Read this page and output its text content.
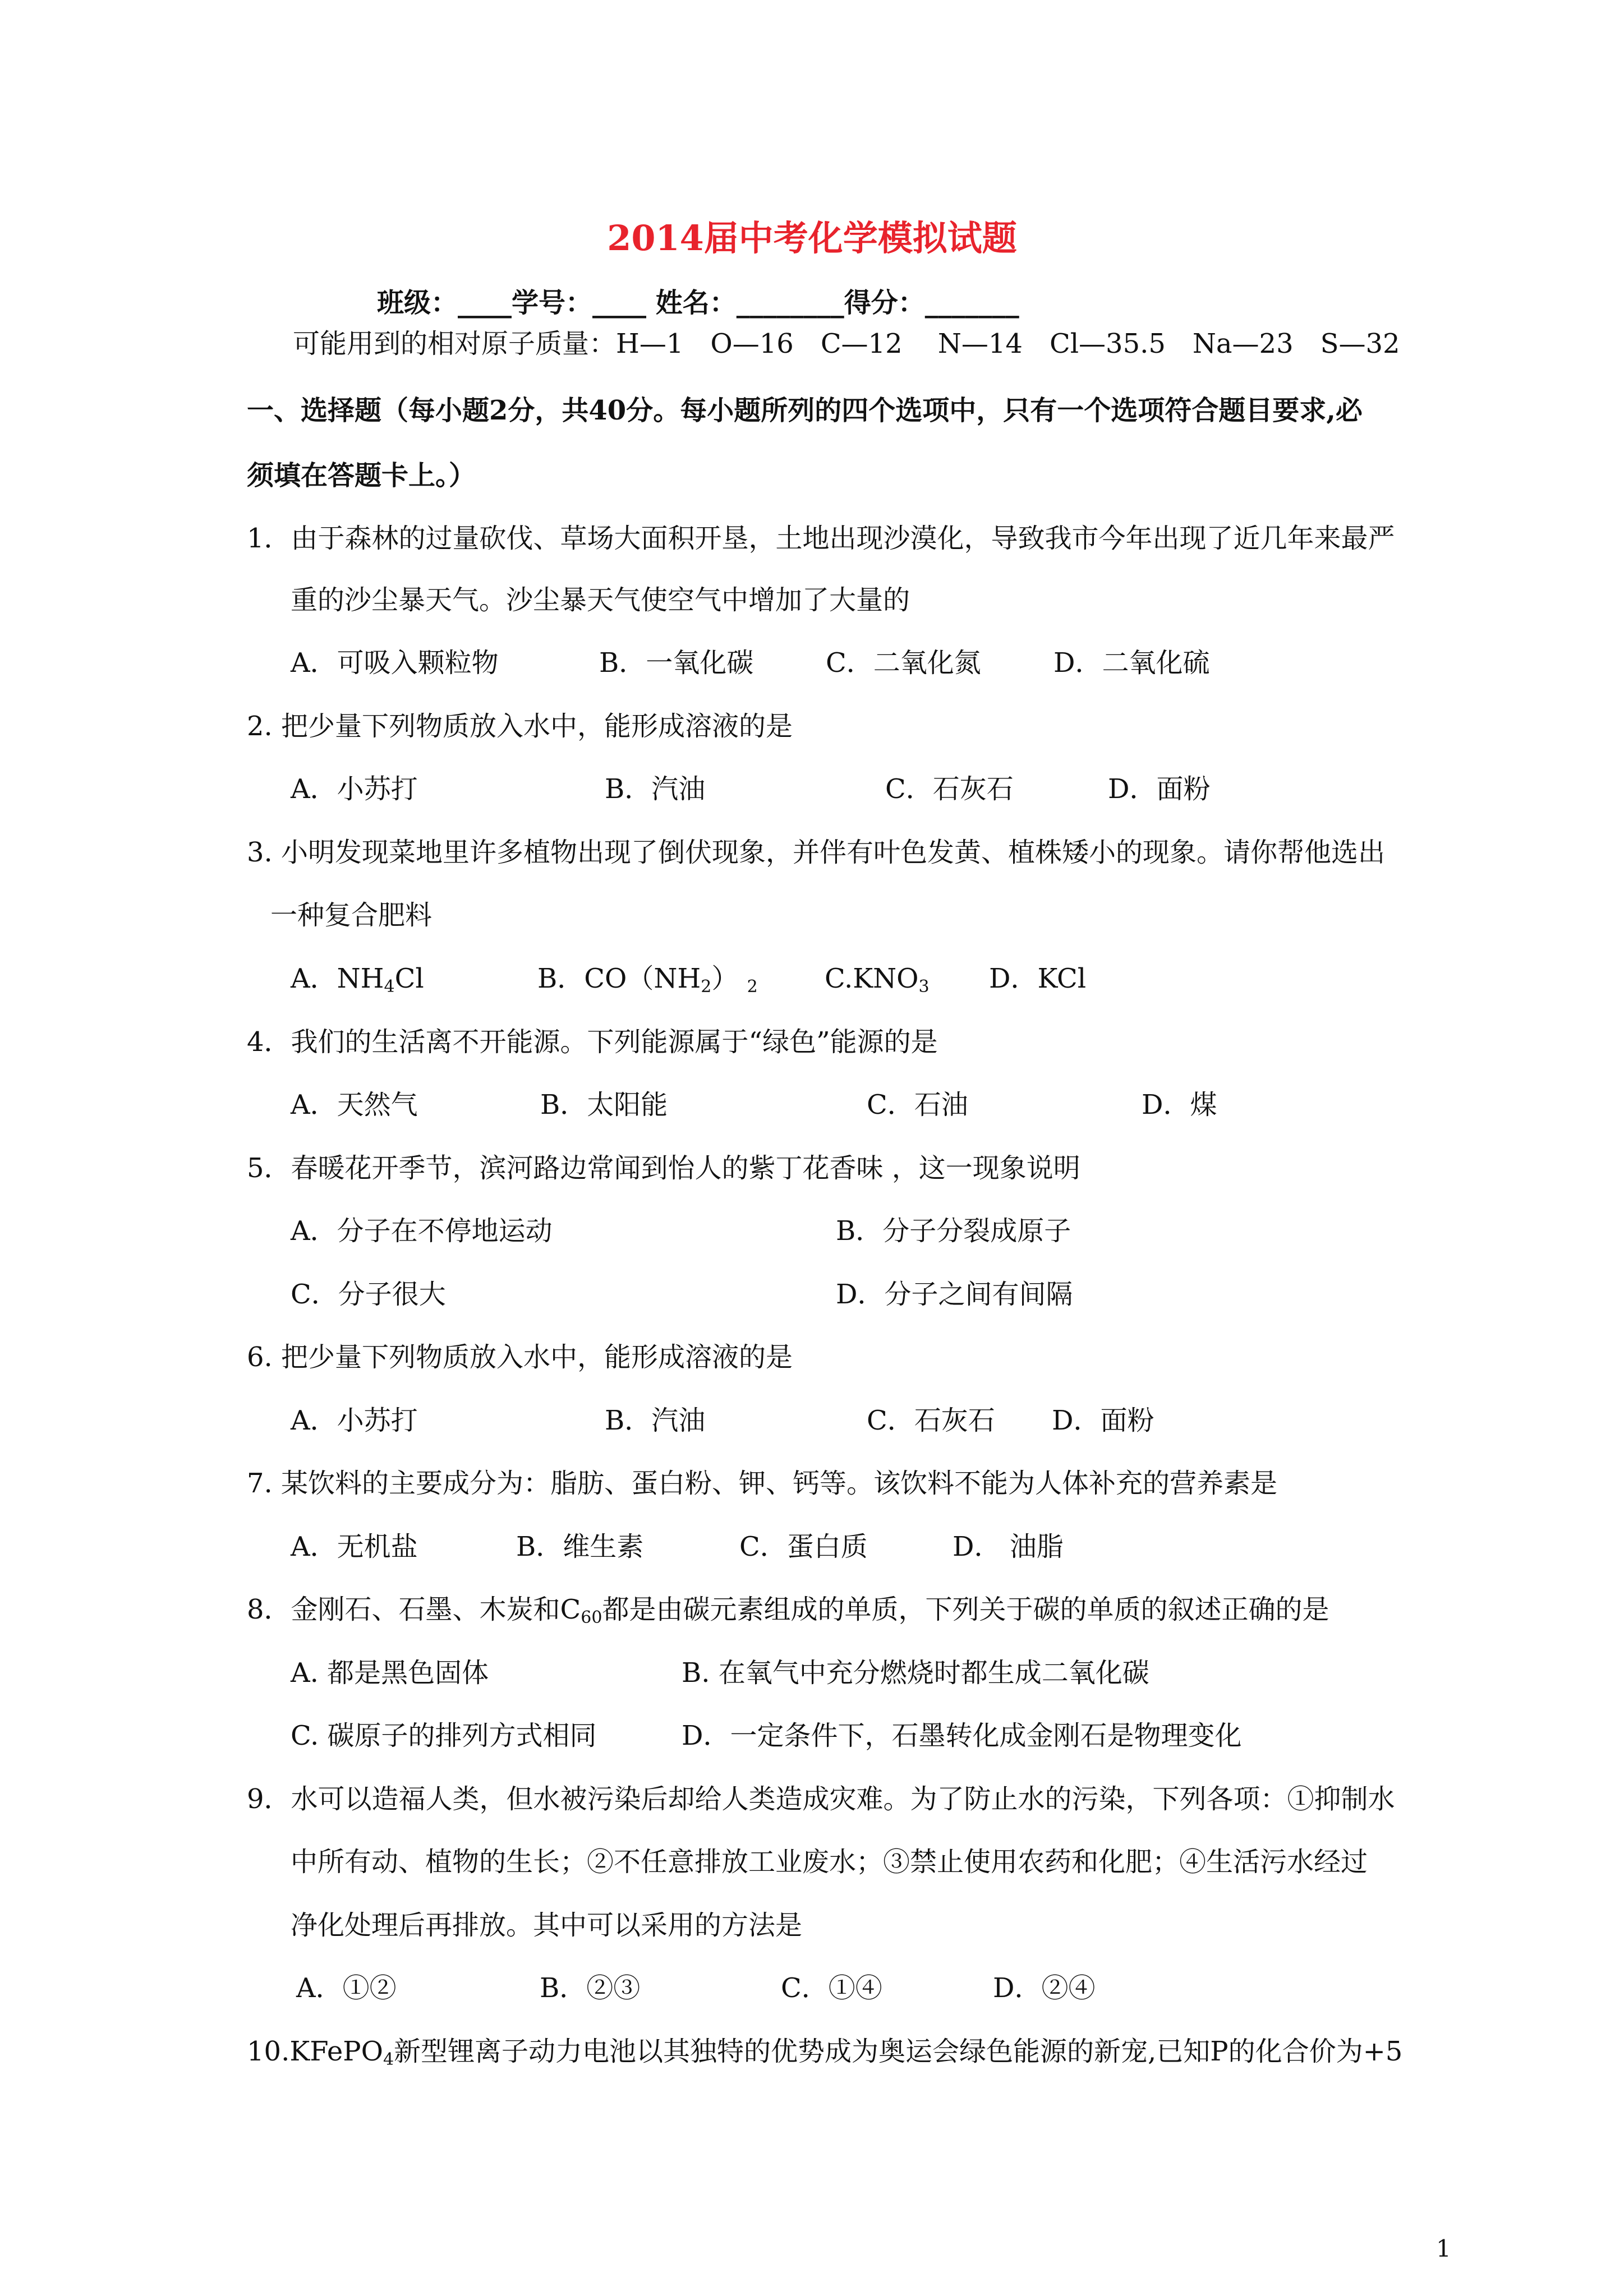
2014届中考化学模拟试题
班级：____学号：____ 姓名：________得分：_______
可能用到的相对原子质量：H—1　O—16　C—12　 N—14　Cl—35.5　Na—23　S—32
一、选择题（每小题2分，共40分。每小题所列的四个选项中，只有一个选项符合题目要求,必
须填在答题卡上。）
1．由于森林的过量砍伐、草场大面积开垦，土地出现沙漠化，导致我市今年出现了近几年来最严
重的沙尘暴天气。沙尘暴天气使空气中增加了大量的
A．可吸入颗粒物	B．一氧化碳	C．二氧化氮	D．二氧化硫
2. 把少量下列物质放入水中，能形成溶液的是
A．小苏打	B．汽油	C．石灰石	D．面粉
3. 小明发现菜地里许多植物出现了倒伏现象，并伴有叶色发黄、植株矮小的现象。请你帮他选出
一种复合肥料
A．$NH_4Cl$	B．$CO(NH_2)$ $_2$ $C.KNO_3$ D．KCl
4．我们的生活离不开能源。下列能源属于“绿色”能源的是
A．天然气	B．太阳能	C．石油	D．煤
5．春暖花开季节，滨河路边常闻到怡人的紫丁花香味 ，这一现象说明
A．分子在不停地运动	B．分子分裂成原子
C．分子很大	D．分子之间有间隔
6. 把少量下列物质放入水中，能形成溶液的是
A．小苏打	B．汽油	C．石灰石 D．面粉
7. 某饮料的主要成分为：脂肪、蛋白粉、钾、钙等。该饮料不能为人体补充的营养素是
A．无机盐	B．维生素	C．蛋白质	D． 油脂
8．金刚石、石墨、木炭和$C_{60}$都是由碳元素组成的单质，下列关于碳的单质的叙述正确的是
A. 都是黑色固体	B. 在氧气中充分燃烧时都生成二氧化碳
C. 碳原子的排列方式相同	D．一定条件下，石墨转化成金刚石是物理变化
9．水可以造福人类，但水被污染后却给人类造成灾难。为了防止水的污染，下列各项：①抑制水
中所有动、植物的生长；②不任意排放工业废水；③禁止使用农药和化肥；④生活污水经过
净化处理后再排放。其中可以采用的方法是
A．①②	B．②③	C．①④	D．②④
10.KFePO$_4$新型锂离子动力电池以其独特的优势成为奥运会绿色能源的新宠,已知P的化合价为+5
1
